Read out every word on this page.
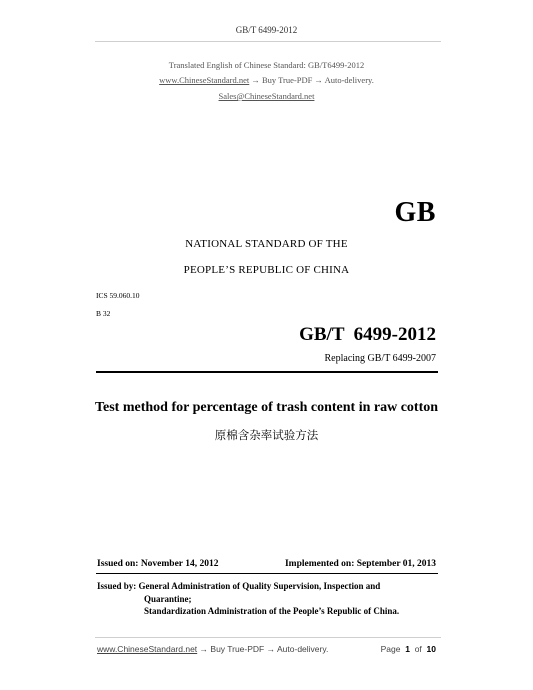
GB/T 6499-2012
Translated English of Chinese Standard: GB/T6499-2012
www.ChineseStandard.net → Buy True-PDF → Auto-delivery.
Sales@ChineseStandard.net
GB
NATIONAL STANDARD OF THE
PEOPLE’S REPUBLIC OF CHINA
ICS 59.060.10
B 32
GB/T  6499-2012
Replacing GB/T 6499-2007
Test method for percentage of trash content in raw cotton
原棉含杂率试验方法
Issued on: November 14, 2012	Implemented on: September 01, 2013
Issued by:
General Administration of Quality Supervision, Inspection and
Quarantine;
Standardization Administration of the People’s Republic of China.
www.ChineseStandard.net → Buy True-PDF → Auto-delivery.	Page 1 of 10
